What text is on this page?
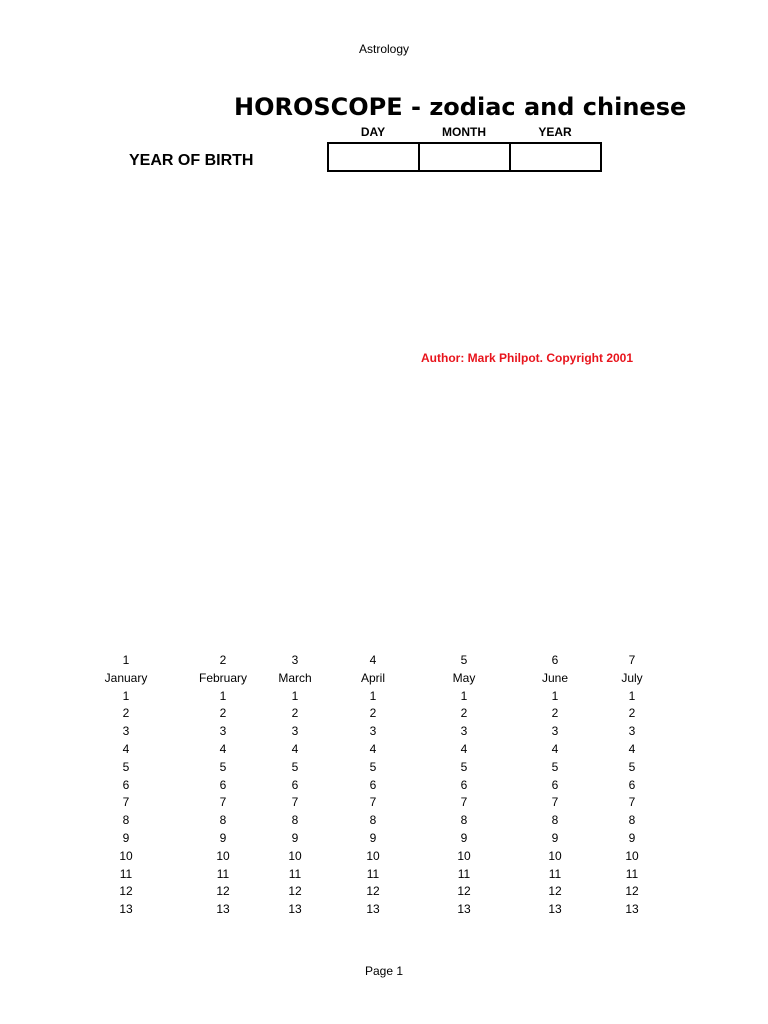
Astrology
HOROSCOPE - zodiac and chinese
DAY	MONTH	YEAR
YEAR OF BIRTH
Author: Mark Philpot. Copyright 2001
1
January
1
2
3
4
5
6
7
8
9
10
11
12
13
2
February
1
2
3
4
5
6
7
8
9
10
11
12
13
3
March
1
2
3
4
5
6
7
8
9
10
11
12
13
4
April
1
2
3
4
5
6
7
8
9
10
11
12
13
5
May
1
2
3
4
5
6
7
8
9
10
11
12
13
6
June
1
2
3
4
5
6
7
8
9
10
11
12
13
7
July
1
2
3
4
5
6
7
8
9
10
11
12
13
Page 1
